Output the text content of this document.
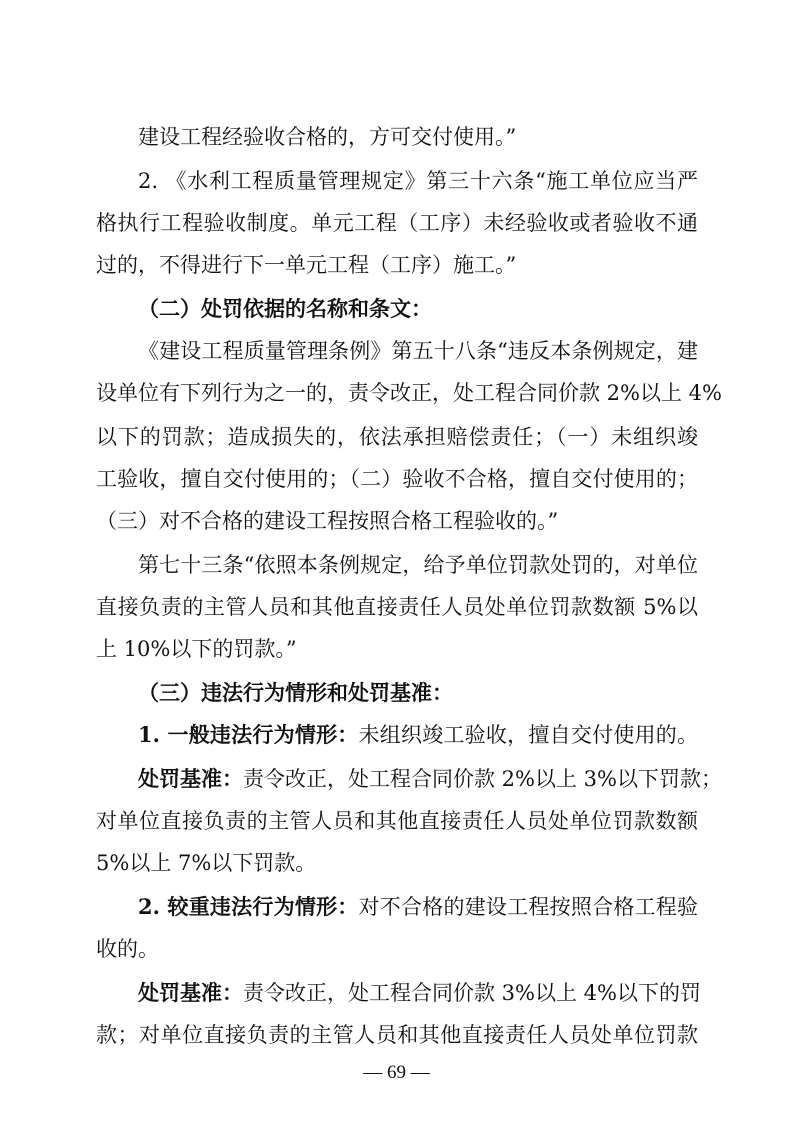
建设工程经验收合格的，方可交付使用。”
2. 《水利工程质量管理规定》第三十六条“施工单位应当严
格执行工程验收制度。单元工程（工序）未经验收或者验收不通
过的，不得进行下一单元工程（工序）施工。”
（二）处罚依据的名称和条文：
《建设工程质量管理条例》第五十八条“违反本条例规定，建
设单位有下列行为之一的，责令改正，处工程合同价款 2%以上 4%
以下的罚款；造成损失的，依法承担赔偿责任；（一）未组织竣
工验收，擅自交付使用的；（二）验收不合格，擅自交付使用的；
（三）对不合格的建设工程按照合格工程验收的。”
第七十三条“依照本条例规定，给予单位罚款处罚的，对单位
直接负责的主管人员和其他直接责任人员处单位罚款数额 5%以
上 10%以下的罚款。”
（三）违法行为情形和处罚基准：
1. 一般违法行为情形：未组织竣工验收，擅自交付使用的。
处罚基准：责令改正，处工程合同价款 2%以上 3%以下罚款；
对单位直接负责的主管人员和其他直接责任人员处单位罚款数额
5%以上 7%以下罚款。
2. 较重违法行为情形：对不合格的建设工程按照合格工程验
收的。
处罚基准：责令改正，处工程合同价款 3%以上 4%以下的罚
款；对单位直接负责的主管人员和其他直接责任人员处单位罚款
— 69 —
